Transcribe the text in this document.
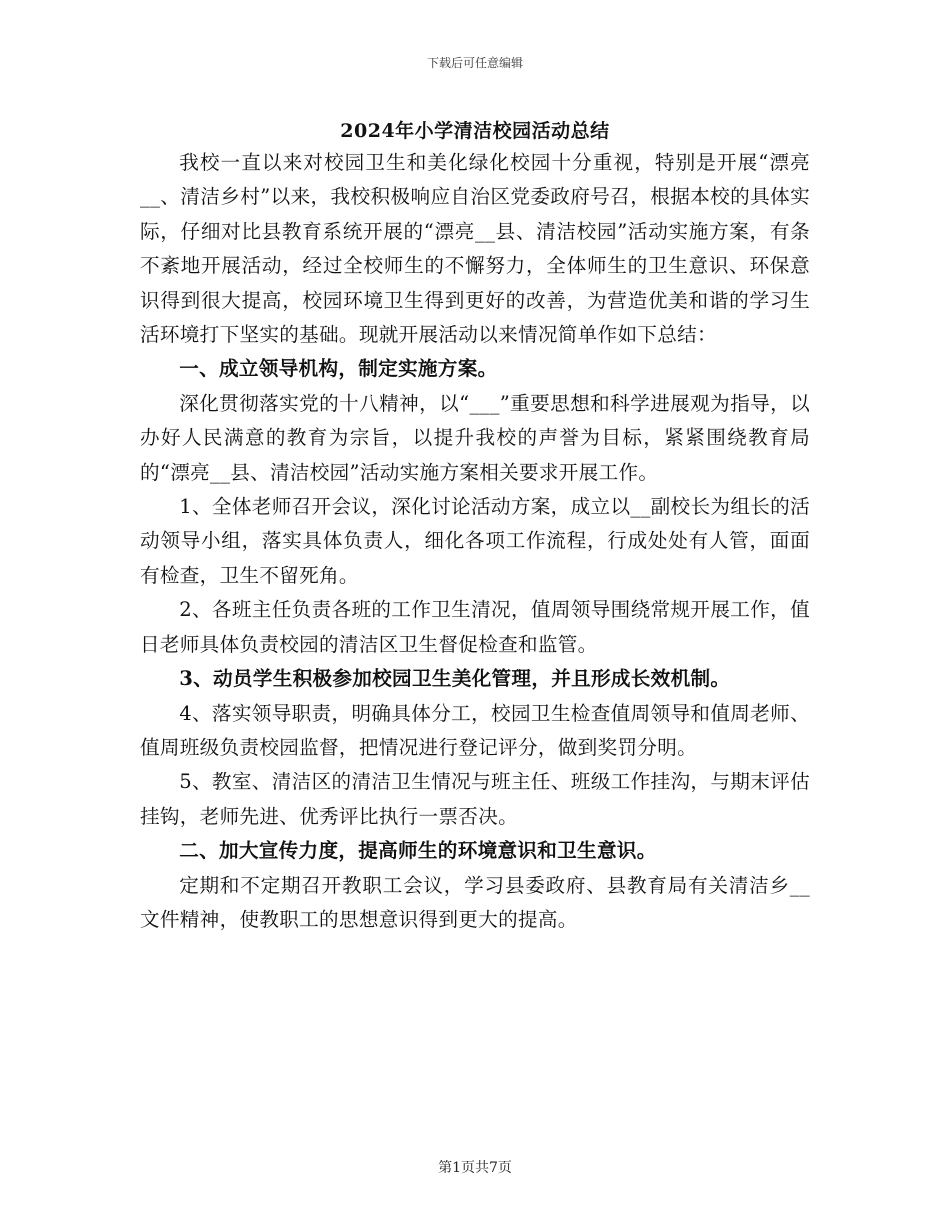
下载后可任意编辑
2024年小学清洁校园活动总结

我校一直以来对校园卫生和美化绿化校园十分重视，特别是开展“漂亮__、清洁乡村”以来，我校积极响应自治区党委政府号召，根据本校的具体实际，仔细对比县教育系统开展的“漂亮__县、清洁校园”活动实施方案，有条不紊地开展活动，经过全校师生的不懈努力，全体师生的卫生意识、环保意识得到很大提高，校园环境卫生得到更好的改善，为营造优美和谐的学习生活环境打下坚实的基础。现就开展活动以来情况简单作如下总结：

一、成立领导机构，制定实施方案。

深化贯彻落实党的十八精神，以“___”重要思想和科学进展观为指导，以办好人民满意的教育为宗旨，以提升我校的声誉为目标，紧紧围绕教育局的“漂亮__县、清洁校园”活动实施方案相关要求开展工作。

1、全体老师召开会议，深化讨论活动方案，成立以__副校长为组长的活动领导小组，落实具体负责人，细化各项工作流程，行成处处有人管，面面有检查，卫生不留死角。

2、各班主任负责各班的工作卫生清况，值周领导围绕常规开展工作，值日老师具体负责校园的清洁区卫生督促检查和监管。

3、动员学生积极参加校园卫生美化管理，并且形成长效机制。

4、落实领导职责，明确具体分工，校园卫生检查值周领导和值周老师、值周班级负责校园监督，把情况进行登记评分，做到奖罚分明。

5、教室、清洁区的清洁卫生情况与班主任、班级工作挂沟，与期末评估挂钩，老师先进、优秀评比执行一票否决。

二、加大宣传力度，提高师生的环境意识和卫生意识。

定期和不定期召开教职工会议，学习县委政府、县教育局有关清洁乡__文件精神，使教职工的思想意识得到更大的提高。

第1页共7页
